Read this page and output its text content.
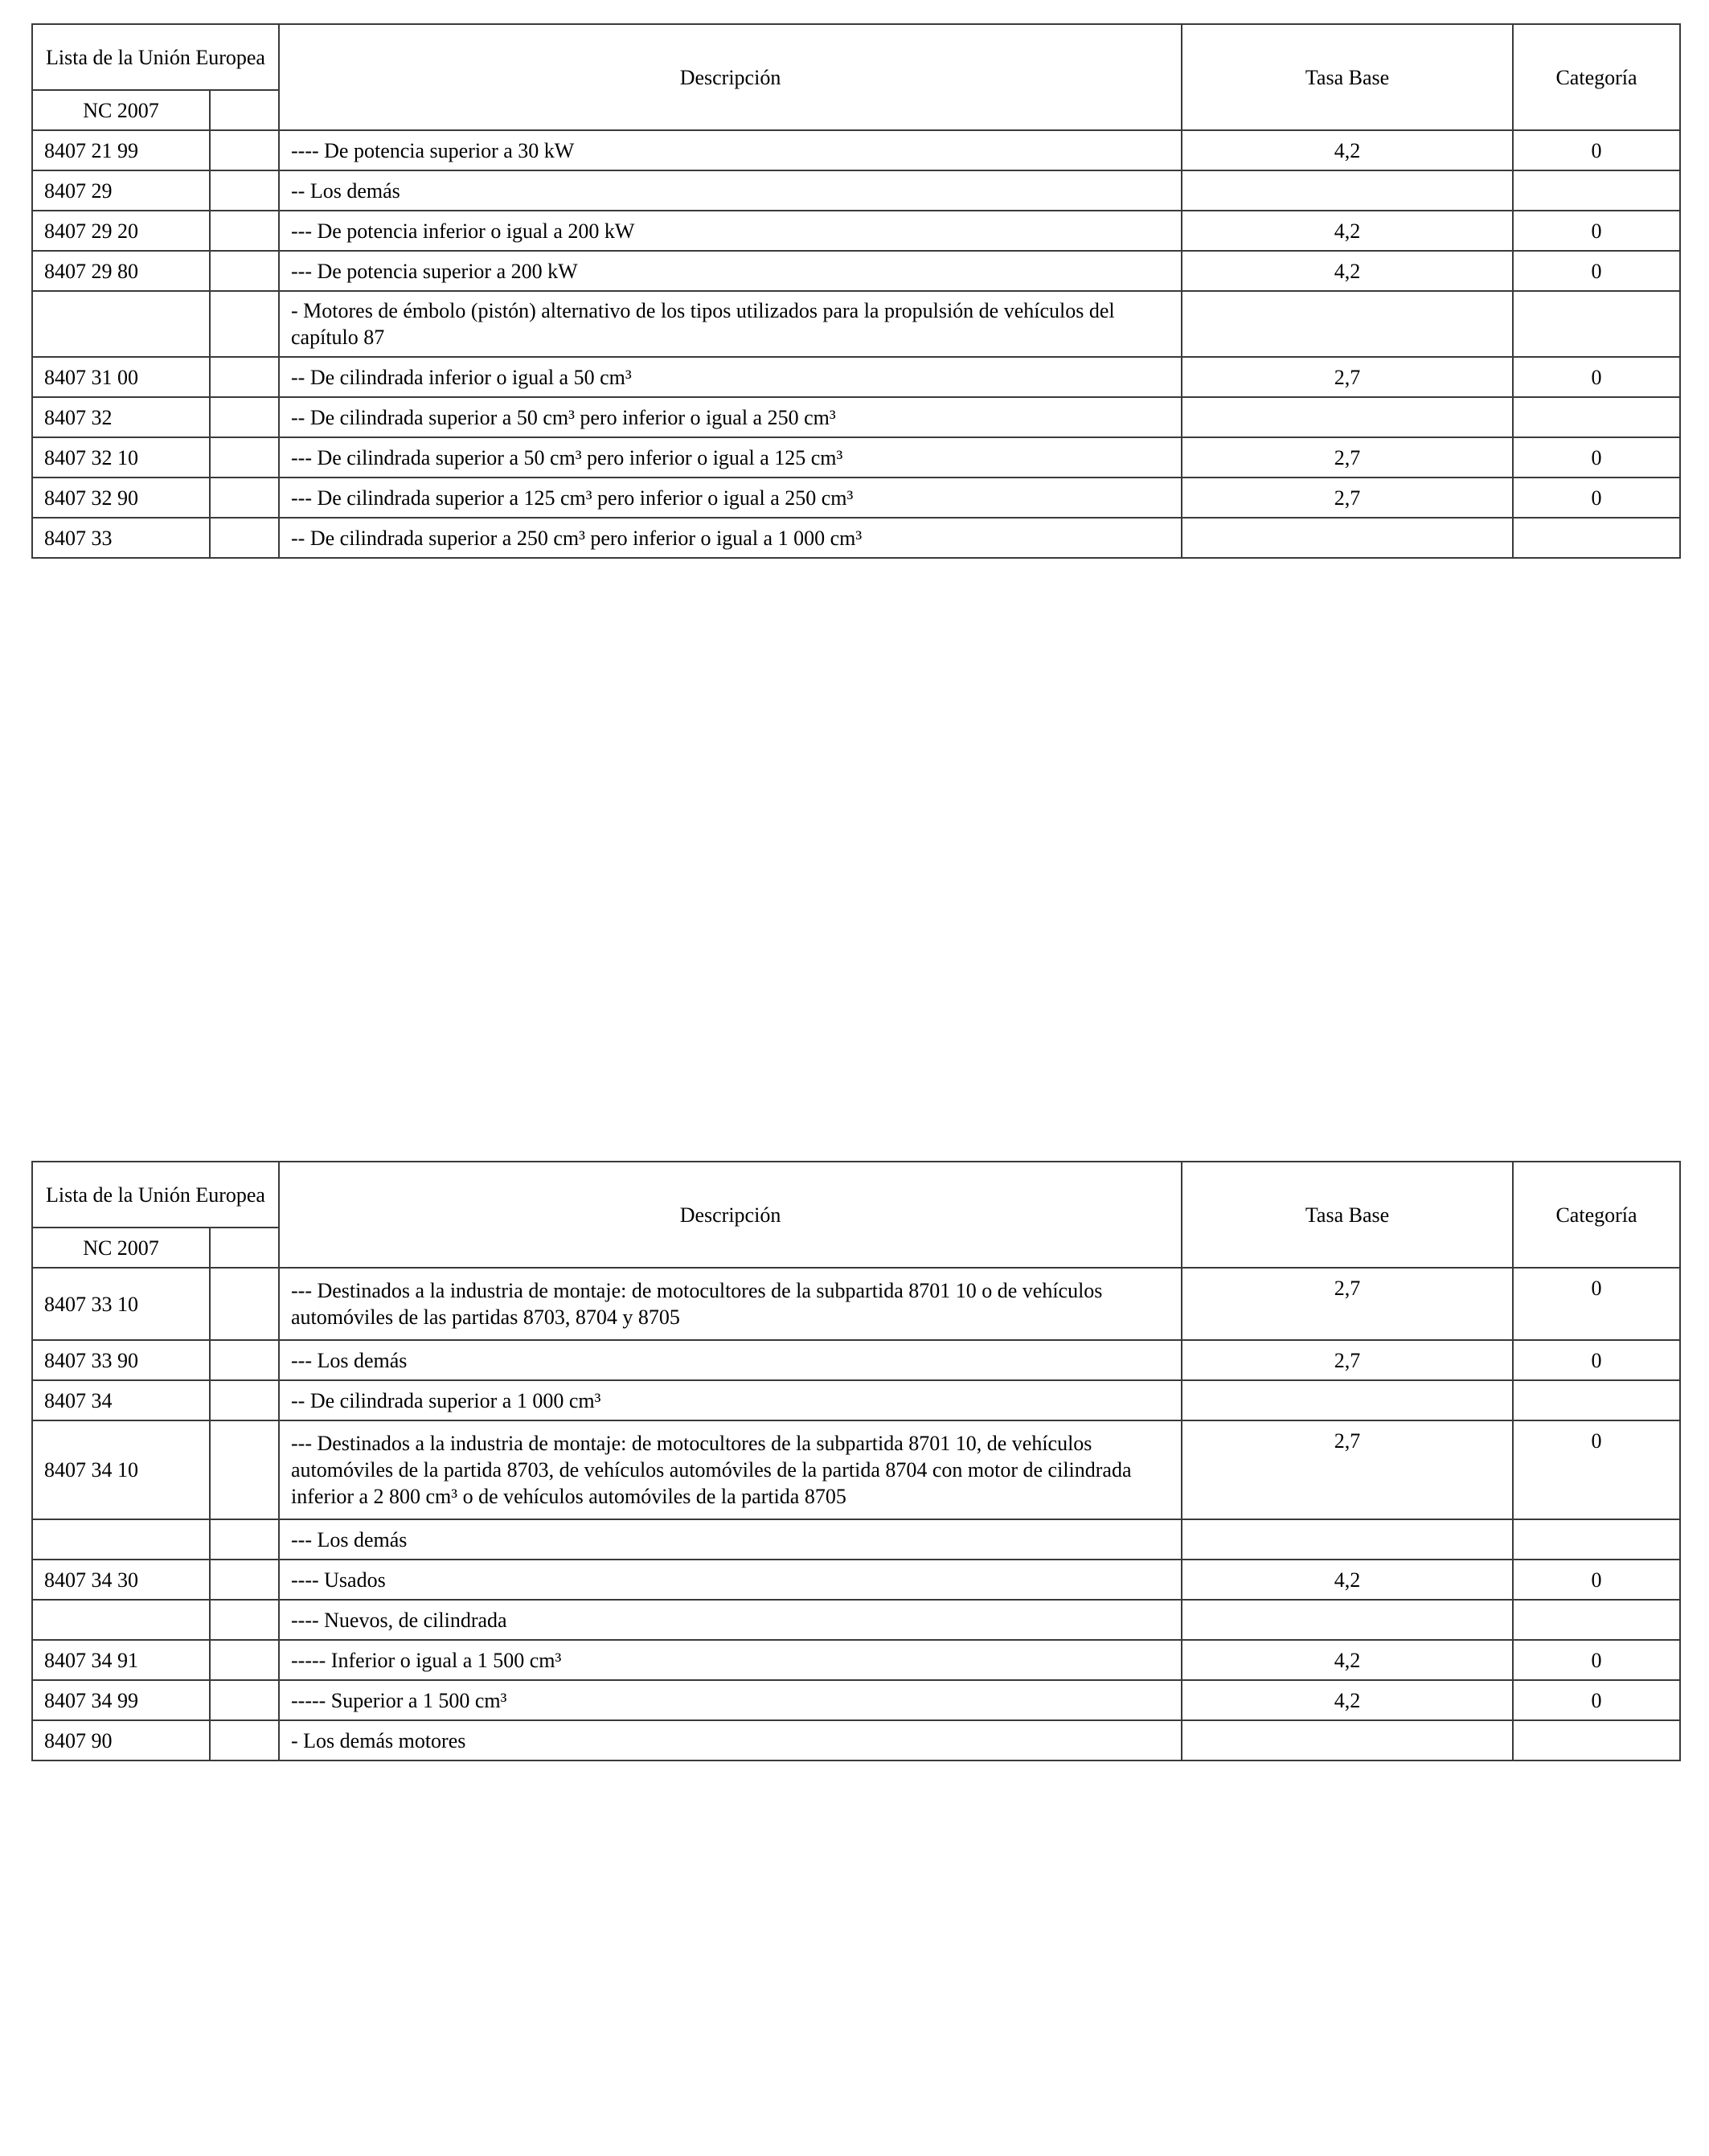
Lista de la Unión Europea		Descripción	Tasa Base	Categoría
NC 2007				
8407 21 99		---- De potencia superior a 30 kW	4,2	0
8407 29		-- Los demás		
8407 29 20		--- De potencia inferior o igual a 200 kW	4,2	0
8407 29 80		--- De potencia superior a 200 kW	4,2	0
		- Motores de émbolo (pistón) alternativo de los tipos utilizados para la propulsión de vehículos del capítulo 87		
8407 31 00		-- De cilindrada inferior o igual a 50 cm³	2,7	0
8407 32		-- De cilindrada superior a 50 cm³ pero inferior o igual a 250 cm³		
8407 32 10		--- De cilindrada superior a 50 cm³ pero inferior o igual a 125 cm³	2,7	0
8407 32 90		--- De cilindrada superior a 125 cm³ pero inferior o igual a 250 cm³	2,7	0
8407 33		-- De cilindrada superior a 250 cm³ pero inferior o igual a 1 000 cm³		
Lista de la Unión Europea		Descripción	Tasa Base	Categoría
NC 2007				
8407 33 10		--- Destinados a la industria de montaje: de motocultores de la subpartida 8701 10 o de vehículos automóviles de las partidas 8703, 8704 y 8705	2,7	0
8407 33 90		--- Los demás	2,7	0
8407 34		-- De cilindrada superior a 1 000 cm³		
8407 34 10		--- Destinados a la industria de montaje: de motocultores de la subpartida 8701 10, de vehículos automóviles de la partida 8703, de vehículos automóviles de la partida 8704 con motor de cilindrada inferior a 2 800 cm³ o de vehículos automóviles de la partida 8705	2,7	0
		--- Los demás		
8407 34 30		---- Usados	4,2	0
		---- Nuevos, de cilindrada		
8407 34 91		----- Inferior o igual a 1 500 cm³	4,2	0
8407 34 99		----- Superior a 1 500 cm³	4,2	0
8407 90		- Los demás motores		
